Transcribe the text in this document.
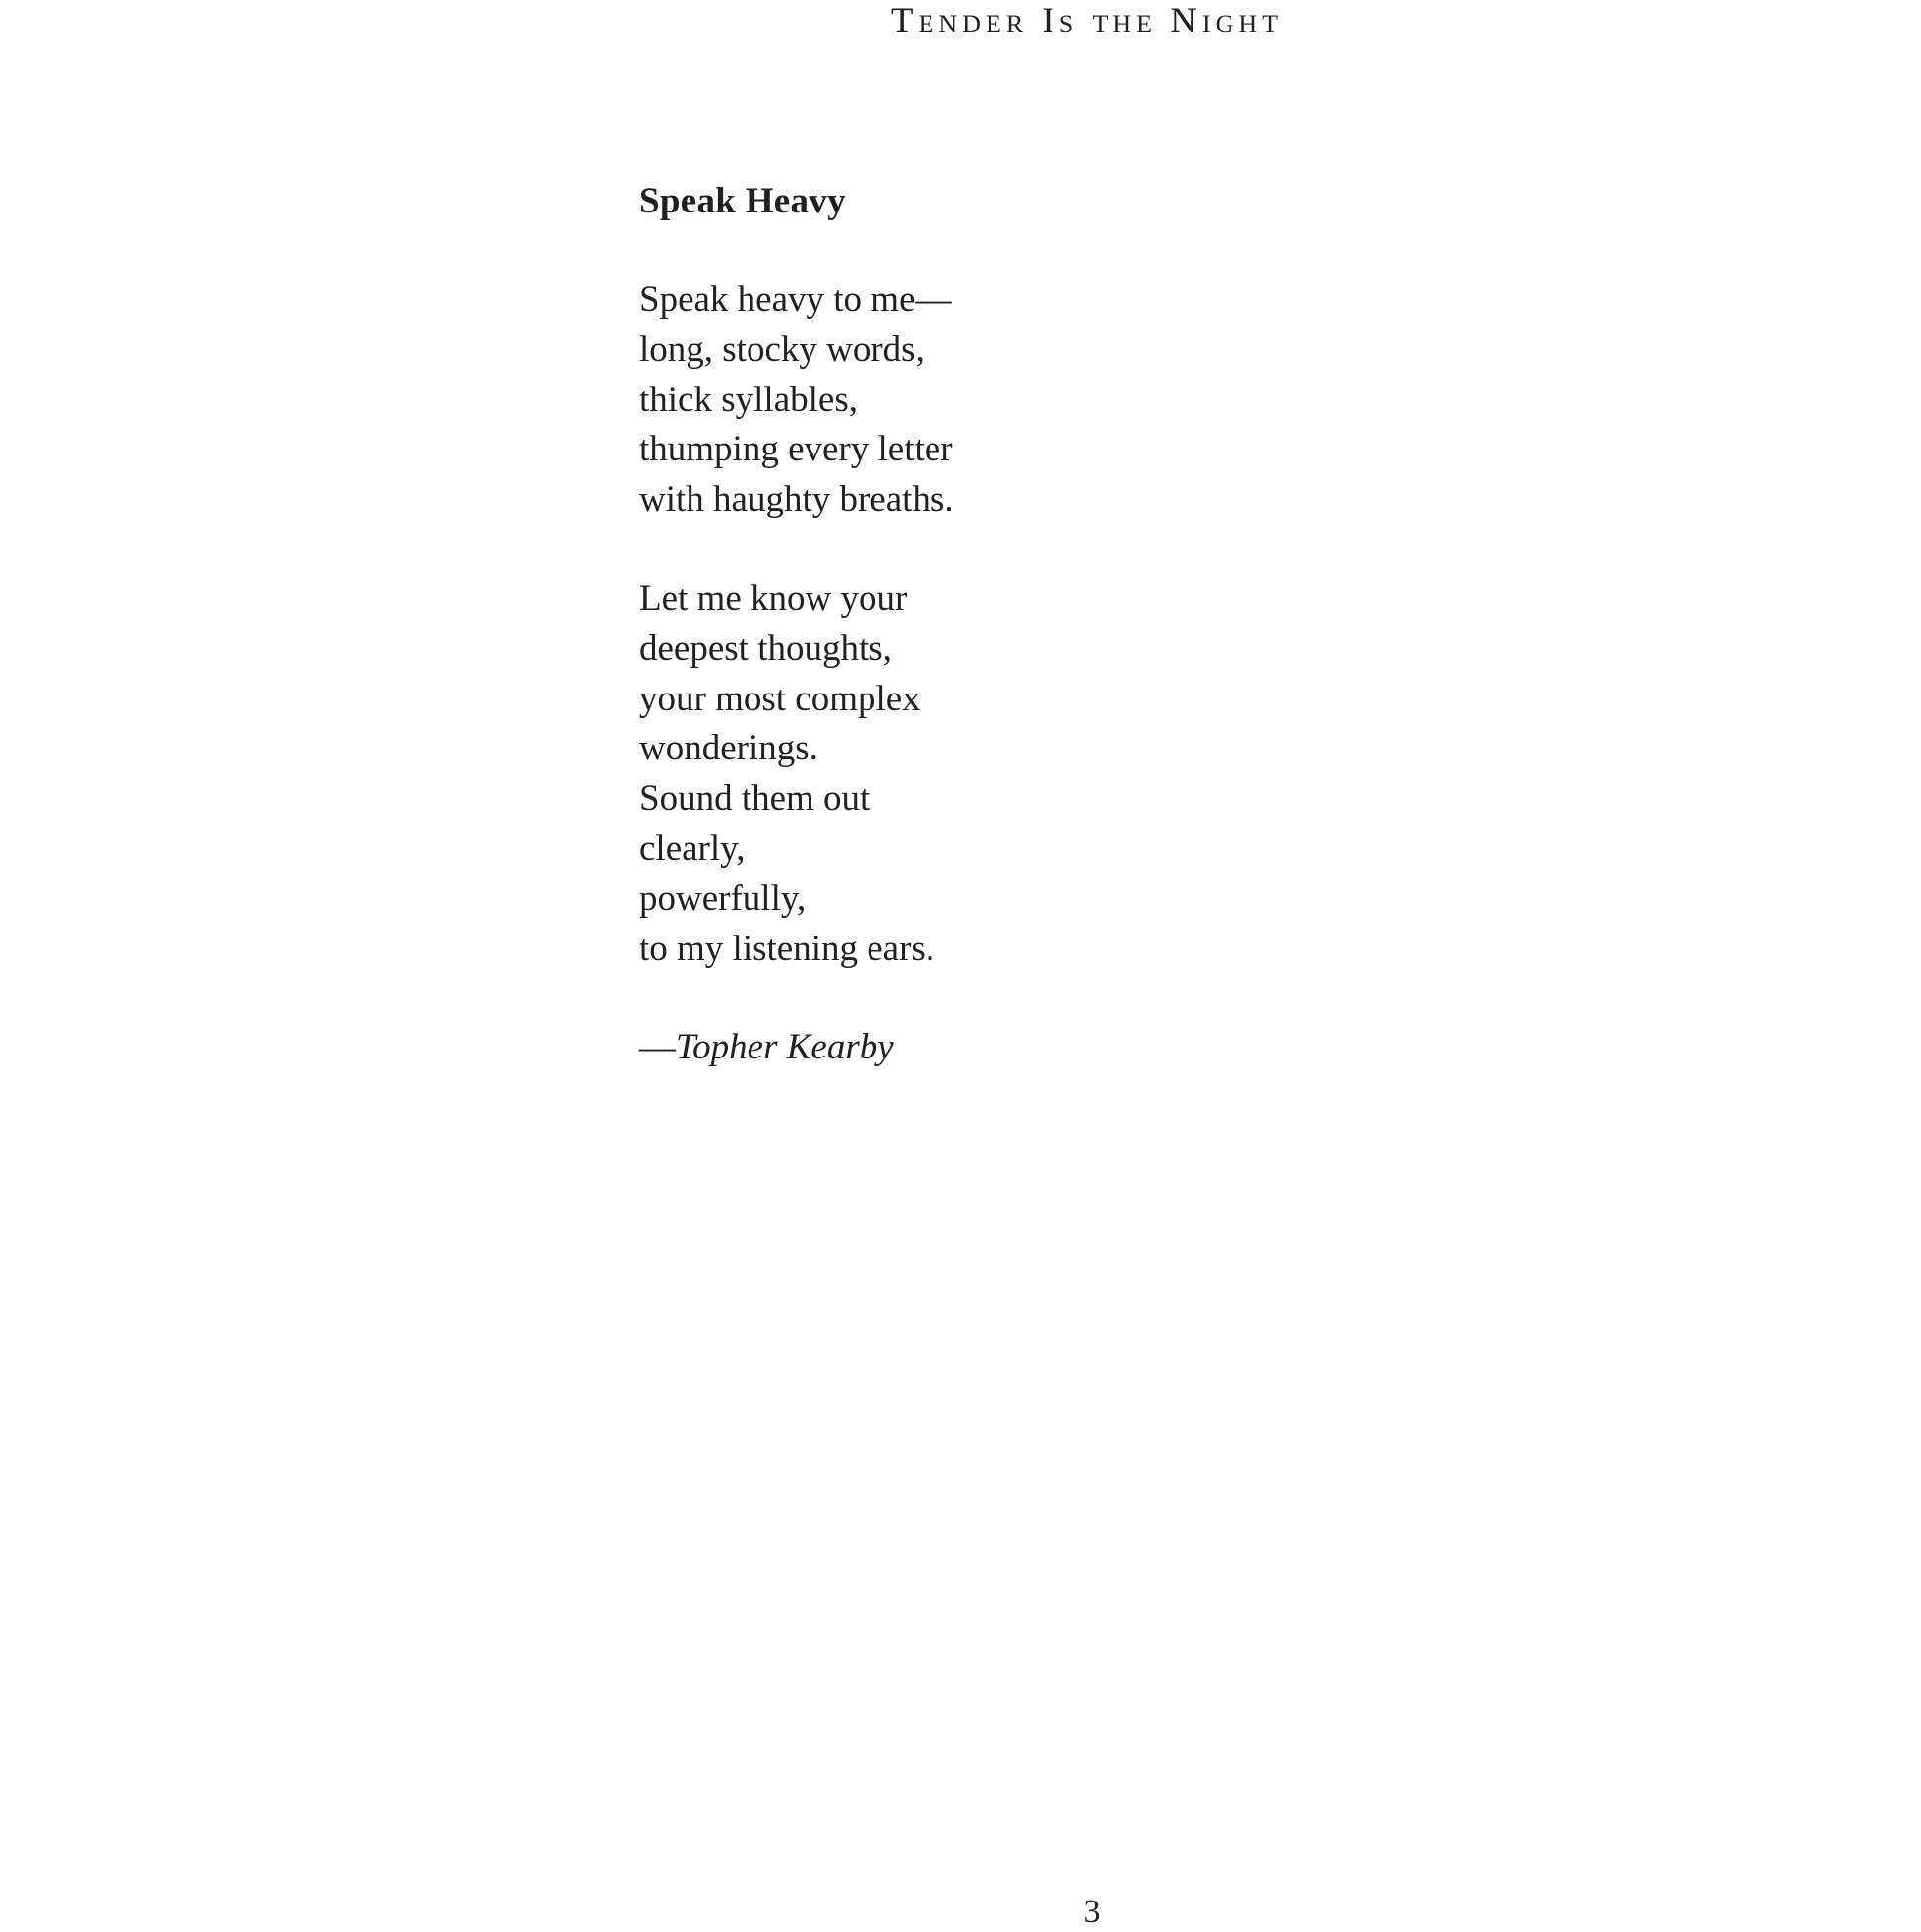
Tender Is the Night
Speak Heavy
Speak heavy to me—
long, stocky words,
thick syllables,
thumping every letter
with haughty breaths.
Let me know your
deepest thoughts,
your most complex
wonderings.
Sound them out
clearly,
powerfully,
to my listening ears.

—Topher Kearby

3
